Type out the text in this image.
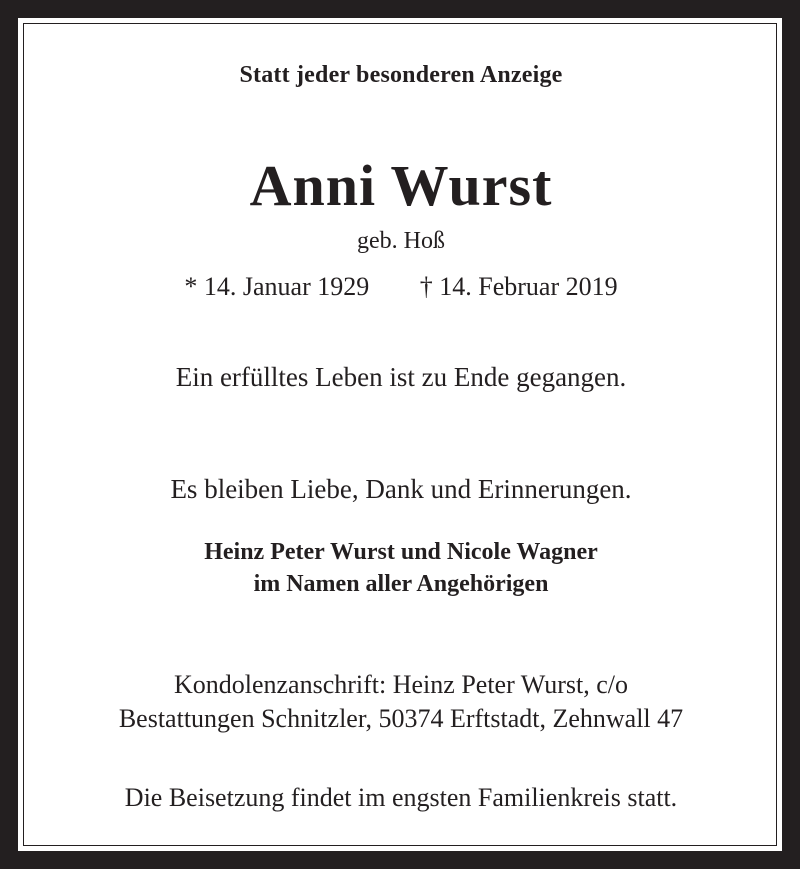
Statt jeder besonderen Anzeige
Anni Wurst
geb. Hoß
* 14. Januar 1929 † 14. Februar 2019
Ein erfülltes Leben ist zu Ende gegangen.
Es bleiben Liebe, Dank und Erinnerungen.
Heinz Peter Wurst und Nicole Wagner
im Namen aller Angehörigen
Kondolenzanschrift: Heinz Peter Wurst, c/o
Bestattungen Schnitzler, 50374 Erftstadt, Zehnwall 47
Die Beisetzung findet im engsten Familienkreis statt.
